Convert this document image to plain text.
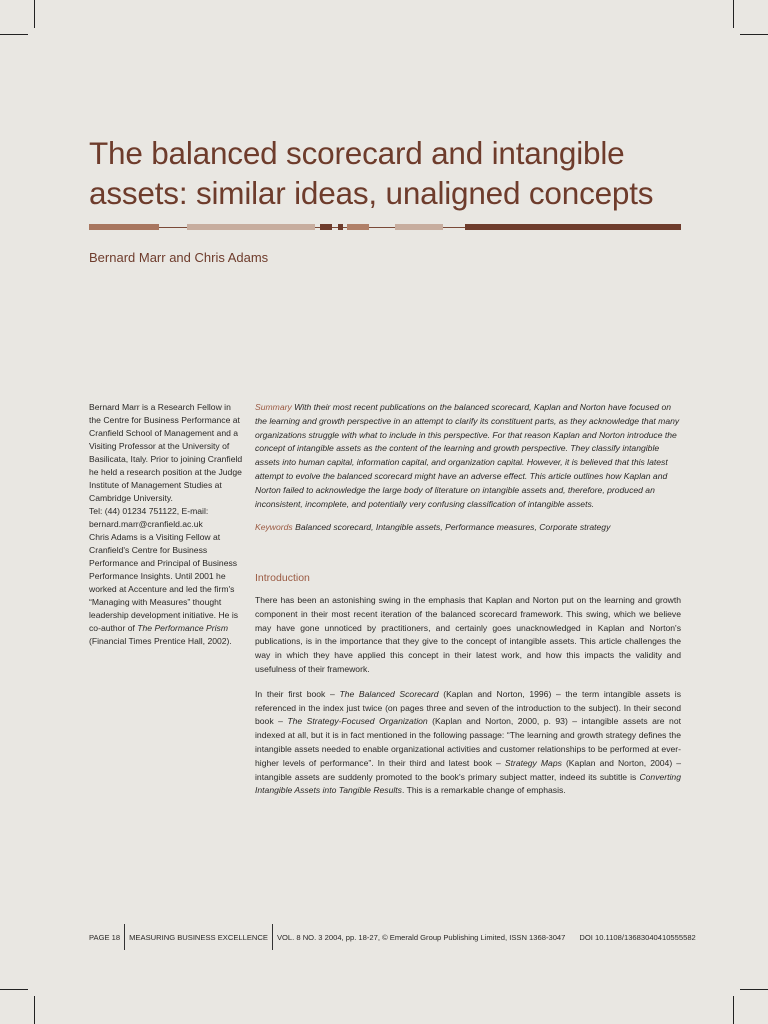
The balanced scorecard and intangible assets: similar ideas, unaligned concepts
Bernard Marr and Chris Adams

Bernard Marr is a Research Fellow in the Centre for Business Performance at Cranfield School of Management and a Visiting Professor at the University of Basilicata, Italy. Prior to joining Cranfield he held a research position at the Judge Institute of Management Studies at Cambridge University.

Tel: (44) 01234 751122, E-mail: bernard.marr@cranfield.ac.uk

Chris Adams is a Visiting Fellow at Cranfield's Centre for Business Performance and Principal of Business Performance Insights. Until 2001 he worked at Accenture and led the firm's “Managing with Measures” thought leadership development initiative. He is co-author of The Performance Prism (Financial Times Prentice Hall, 2002).

Summary With their most recent publications on the balanced scorecard, Kaplan and Norton have focused on the learning and growth perspective in an attempt to clarify its constituent parts, as they acknowledge that many organizations struggle with what to include in this perspective. For that reason Kaplan and Norton introduce the concept of intangible assets as the content of the learning and growth perspective. They classify intangible assets into human capital, information capital, and organization capital. However, it is believed that this latest attempt to evolve the balanced scorecard might have an adverse effect. This article outlines how Kaplan and Norton failed to acknowledge the large body of literature on intangible assets and, therefore, produced an inconsistent, incomplete, and potentially very confusing classification of intangible assets.

Keywords Balanced scorecard, Intangible assets, Performance measures, Corporate strategy

Introduction

There has been an astonishing swing in the emphasis that Kaplan and Norton put on the learning and growth component in their most recent iteration of the balanced scorecard framework. This swing, which we believe may have gone unnoticed by practitioners, and certainly goes unacknowledged in Kaplan and Norton's publications, is in the importance that they give to the concept of intangible assets. This article challenges the way in which they have applied this concept in their latest work, and how this impacts the validity and usefulness of their framework.

In their first book – The Balanced Scorecard (Kaplan and Norton, 1996) – the term intangible assets is referenced in the index just twice (on pages three and seven of the introduction to the subject). In their second book – The Strategy-Focused Organization (Kaplan and Norton, 2000, p. 93) – intangible assets are not indexed at all, but it is in fact mentioned in the following passage: “The learning and growth strategy defines the intangible assets needed to enable organizational activities and customer relationships to be performed at ever-higher levels of performance”. In their third and latest book – Strategy Maps (Kaplan and Norton, 2004) – intangible assets are suddenly promoted to the book's primary subject matter, indeed its subtitle is Converting Intangible Assets into Tangible Results. This is a remarkable change of emphasis.

PAGE 18 MEASURING BUSINESS EXCELLENCE VOL. 8 NO. 3 2004, pp. 18-27, © Emerald Group Publishing Limited, ISSN 1368-3047 DOI 10.1108/13683040410555582
